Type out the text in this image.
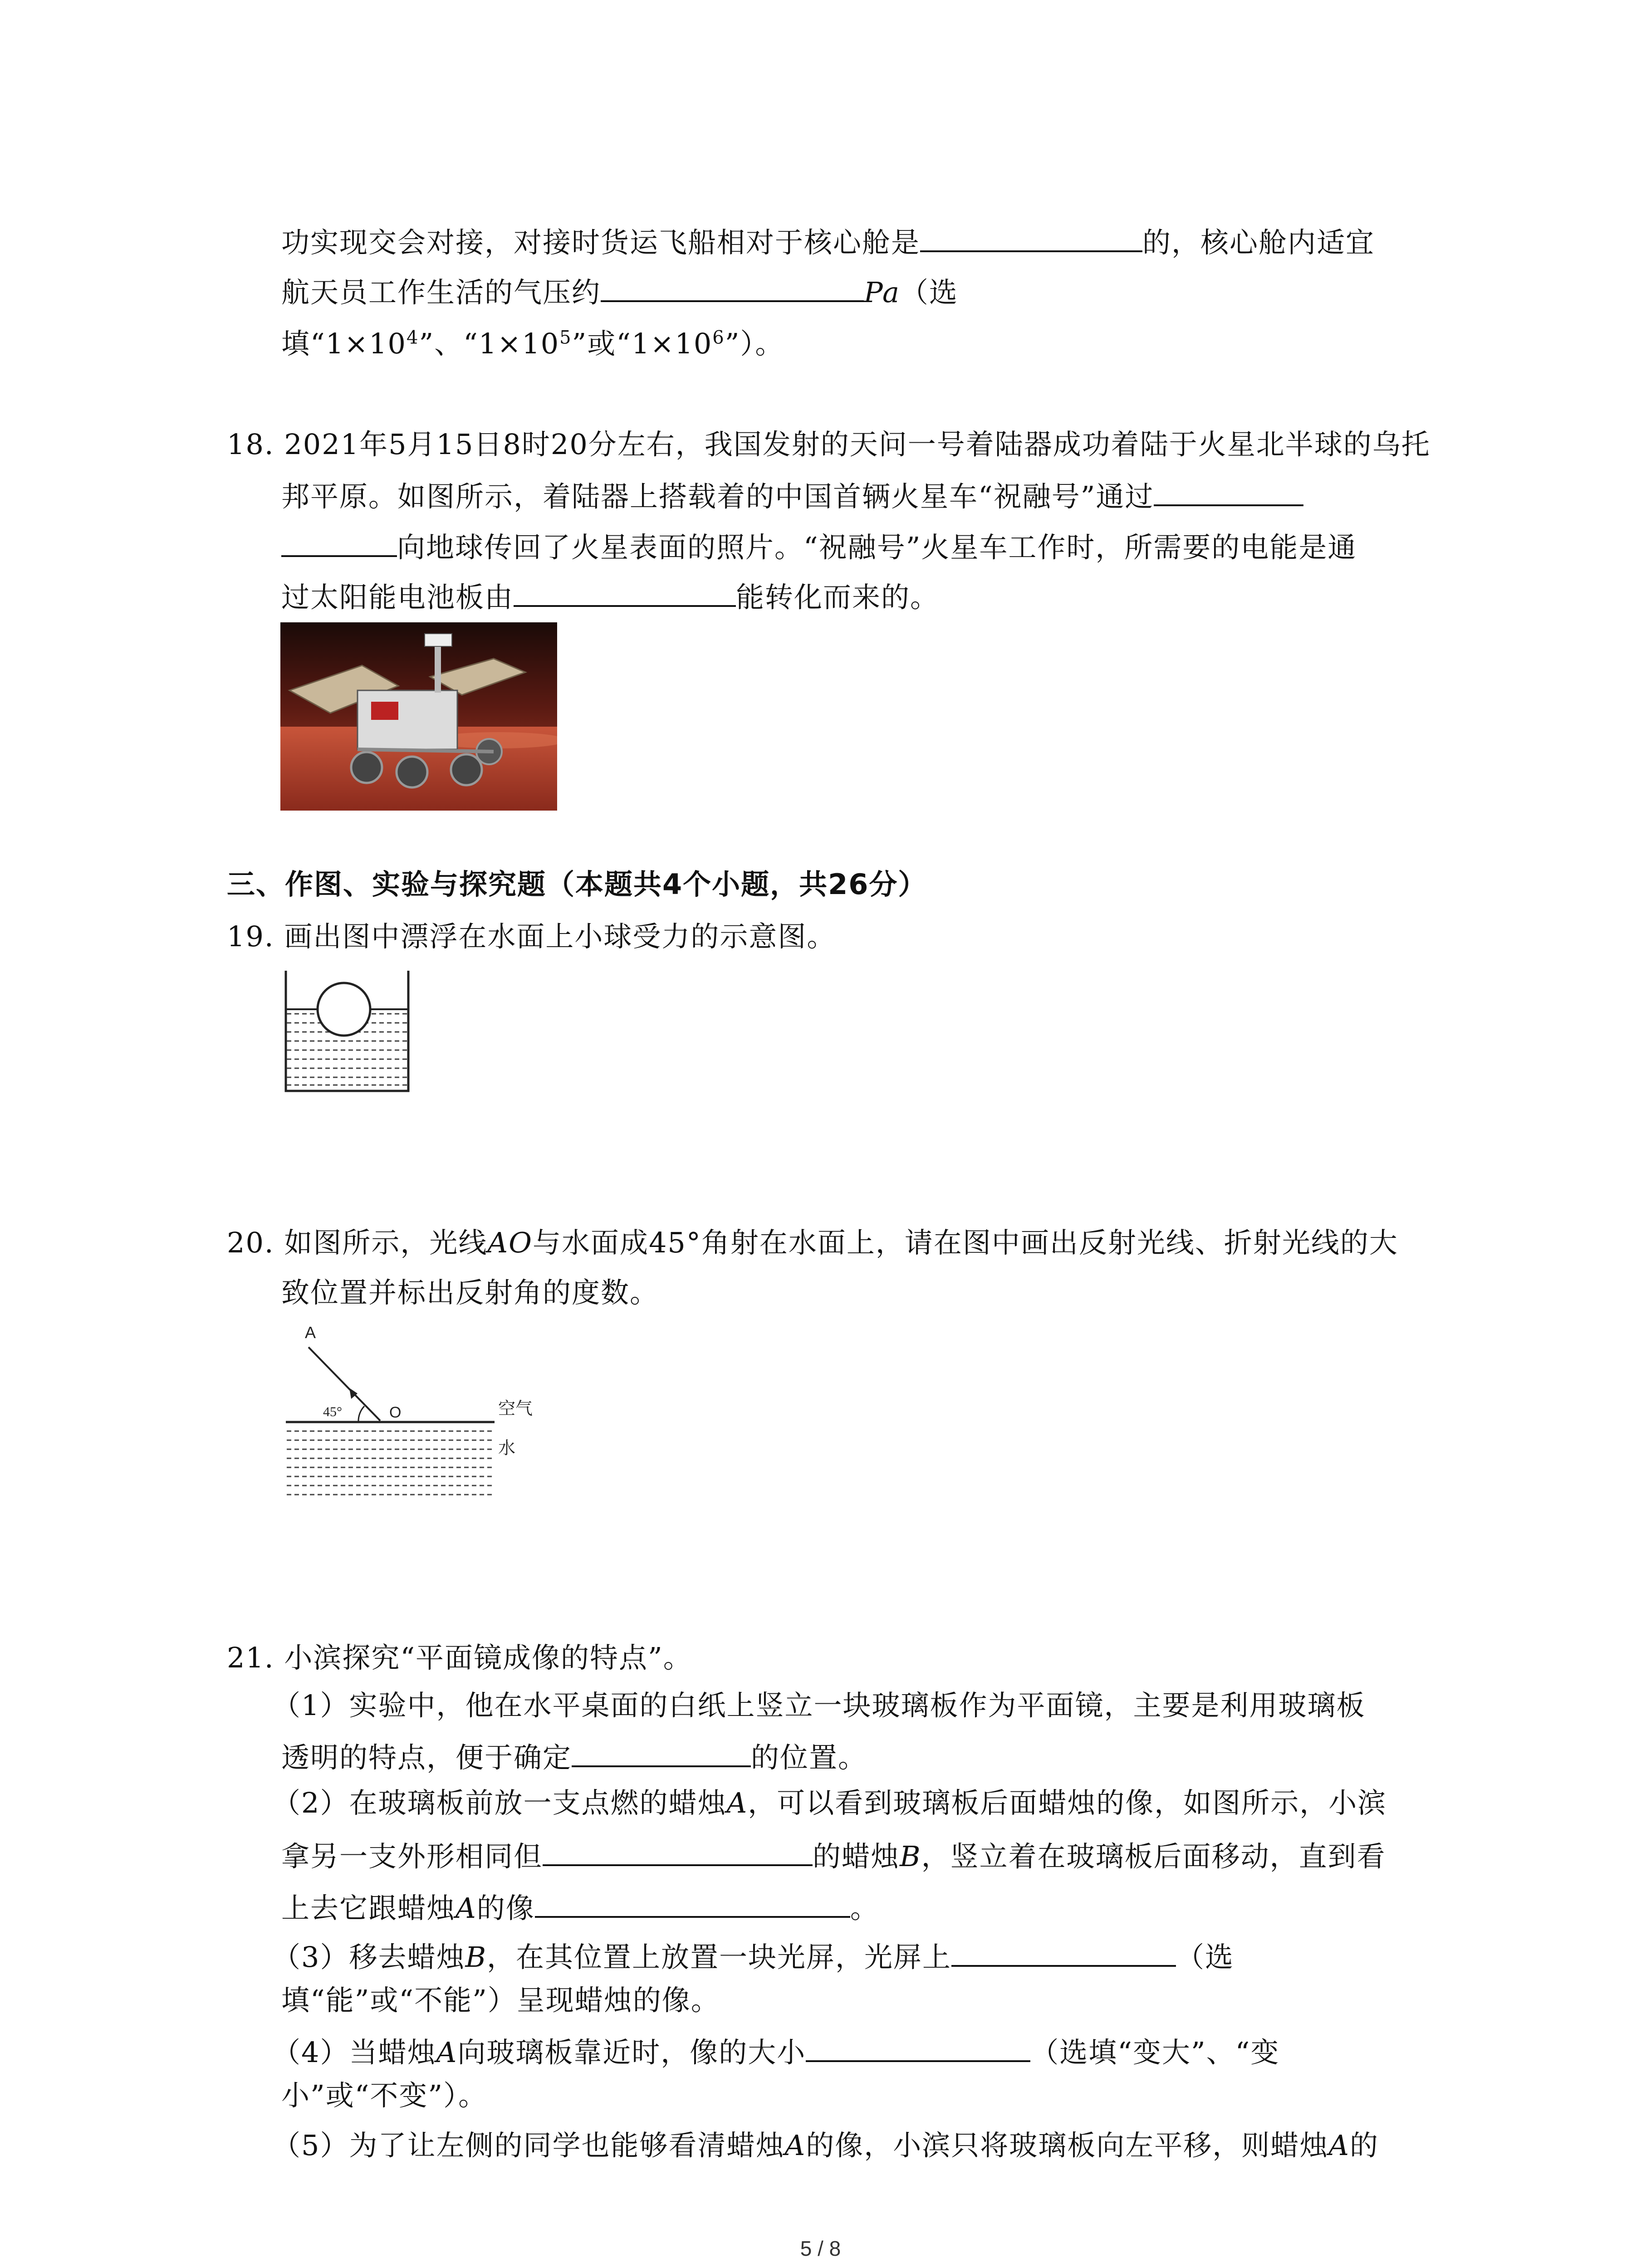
功实现交会对接，对接时货运飞船相对于核心舱是	的，核心舱内适宜
航天员工作生活的气压约	Pa（选
填“$1\times 10^4$”、“$1\times 10^5$”或“$1\times 10^6$”）。
18. 2021年5月15日8时20分左右，我国发射的天问一号着陆器成功着陆于火星北半球的乌托
邦平原。如图所示，着陆器上搭载着的中国首辆火星车“祝融号”通过
向地球传回了火星表面的照片。“祝融号”火星车工作时，所需要的电能是通
过太阳能电池板由	能转化而来的。
三、作图、实验与探究题（本题共4个小题，共26分）
19. 画出图中漂浮在水面上小球受力的示意图。
20. 如图所示，光线AO与水面成45°角射在水面上，请在图中画出反射光线、折射光线的大
致位置并标出反射角的度数。
A
45°	O	空气
水
21. 小滨探究“平面镜成像的特点”。
（1）实验中，他在水平桌面的白纸上竖立一块玻璃板作为平面镜，主要是利用玻璃板
透明的特点，便于确定	的位置。
（2）在玻璃板前放一支点燃的蜡烛A，可以看到玻璃板后面蜡烛的像，如图所示，小滨
拿另一支外形相同但	的蜡烛B，竖立着在玻璃板后面移动，直到看
上去它跟蜡烛A的像	。
（3）移去蜡烛B，在其位置上放置一块光屏，光屏上	（选
填“能”或“不能”）呈现蜡烛的像。
（4）当蜡烛A向玻璃板靠近时，像的大小	（选填“变大”、“变
小”或“不变”）。
（5）为了让左侧的同学也能够看清蜡烛A的像，小滨只将玻璃板向左平移，则蜡烛A的
5 / 8
